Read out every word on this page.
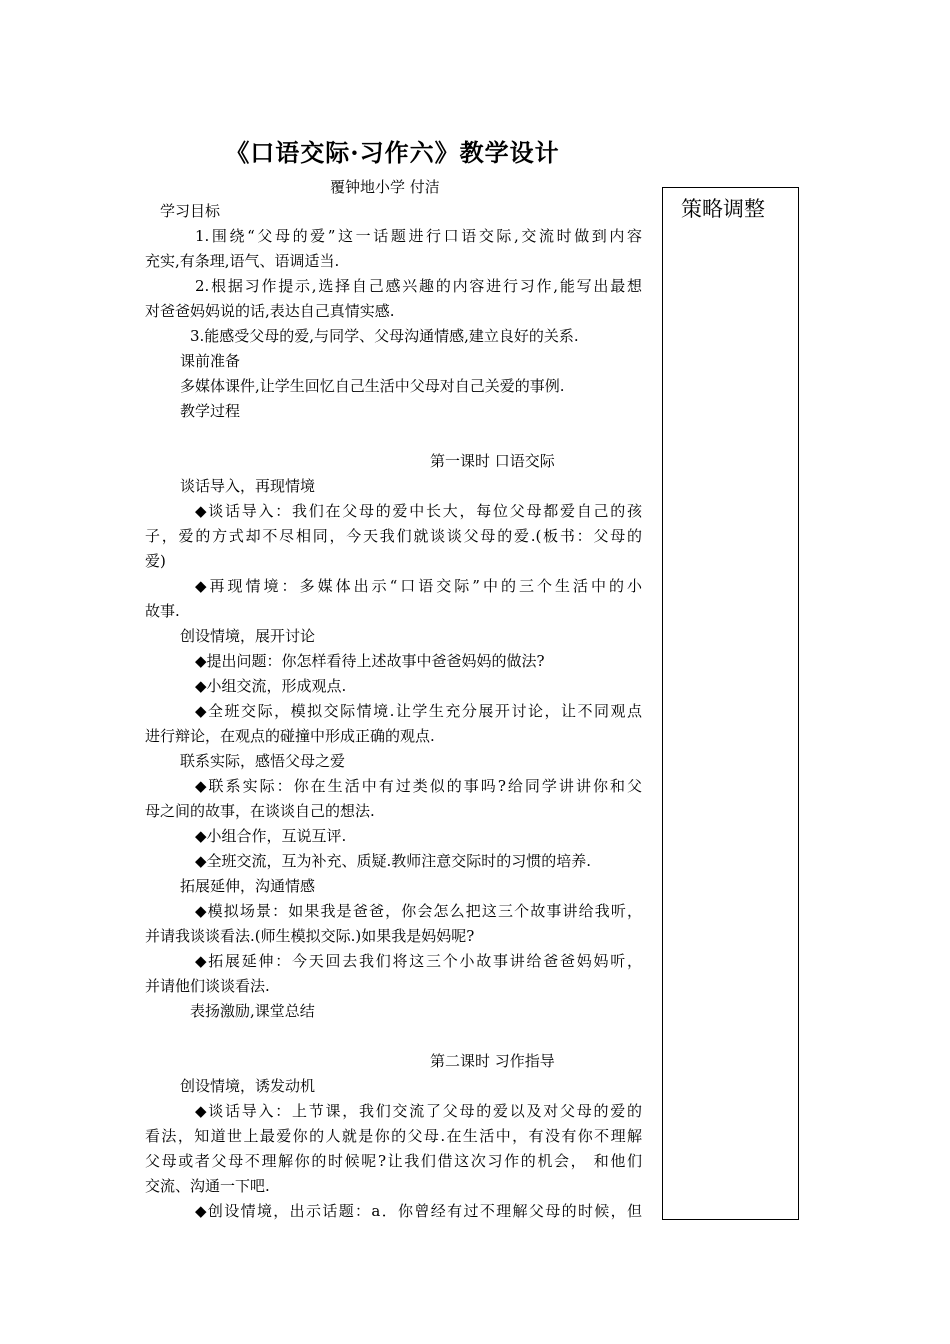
《口语交际·习作六》教学设计
覆钟地小学 付洁
策略调整
学习目标
1.围绕“父母的爱”这一话题进行口语交际,交流时做到内容
充实,有条理,语气、语调适当.
2.根据习作提示,选择自己感兴趣的内容进行习作,能写出最想
对爸爸妈妈说的话,表达自己真情实感.
3.能感受父母的爱,与同学、父母沟通情感,建立良好的关系.
课前准备
多媒体课件,让学生回忆自己生活中父母对自己关爱的事例.
教学过程
第一课时 口语交际
谈话导入，再现情境
◆谈话导入：我们在父母的爱中长大，每位父母都爱自己的孩
子，爱的方式却不尽相同，今天我们就谈谈父母的爱.(板书：父母的
爱)
◆再现情境：多媒体出示“口语交际”中的三个生活中的小
故事.
创设情境，展开讨论
◆提出问题：你怎样看待上述故事中爸爸妈妈的做法?
◆小组交流，形成观点.
◆全班交际，模拟交际情境.让学生充分展开讨论，让不同观点
进行辩论，在观点的碰撞中形成正确的观点.
联系实际，感悟父母之爱
◆联系实际：你在生活中有过类似的事吗?给同学讲讲你和父
母之间的故事，在谈谈自己的想法.
◆小组合作，互说互评.
◆全班交流，互为补充、质疑.教师注意交际时的习惯的培养.
拓展延伸，沟通情感
◆模拟场景：如果我是爸爸，你会怎么把这三个故事讲给我听，
并请我谈谈看法.(师生模拟交际.)如果我是妈妈呢?
◆拓展延伸：今天回去我们将这三个小故事讲给爸爸妈妈听，
并请他们谈谈看法.
表扬激励,课堂总结
第二课时 习作指导
创设情境，诱发动机
◆谈话导入：上节课，我们交流了父母的爱以及对父母的爱的
看法，知道世上最爱你的人就是你的父母.在生活中，有没有你不理解
父母或者父母不理解你的时候呢?让我们借这次习作的机会， 和他们
交流、沟通一下吧.
◆创设情境，出示话题：a．你曾经有过不理解父母的时候，但
